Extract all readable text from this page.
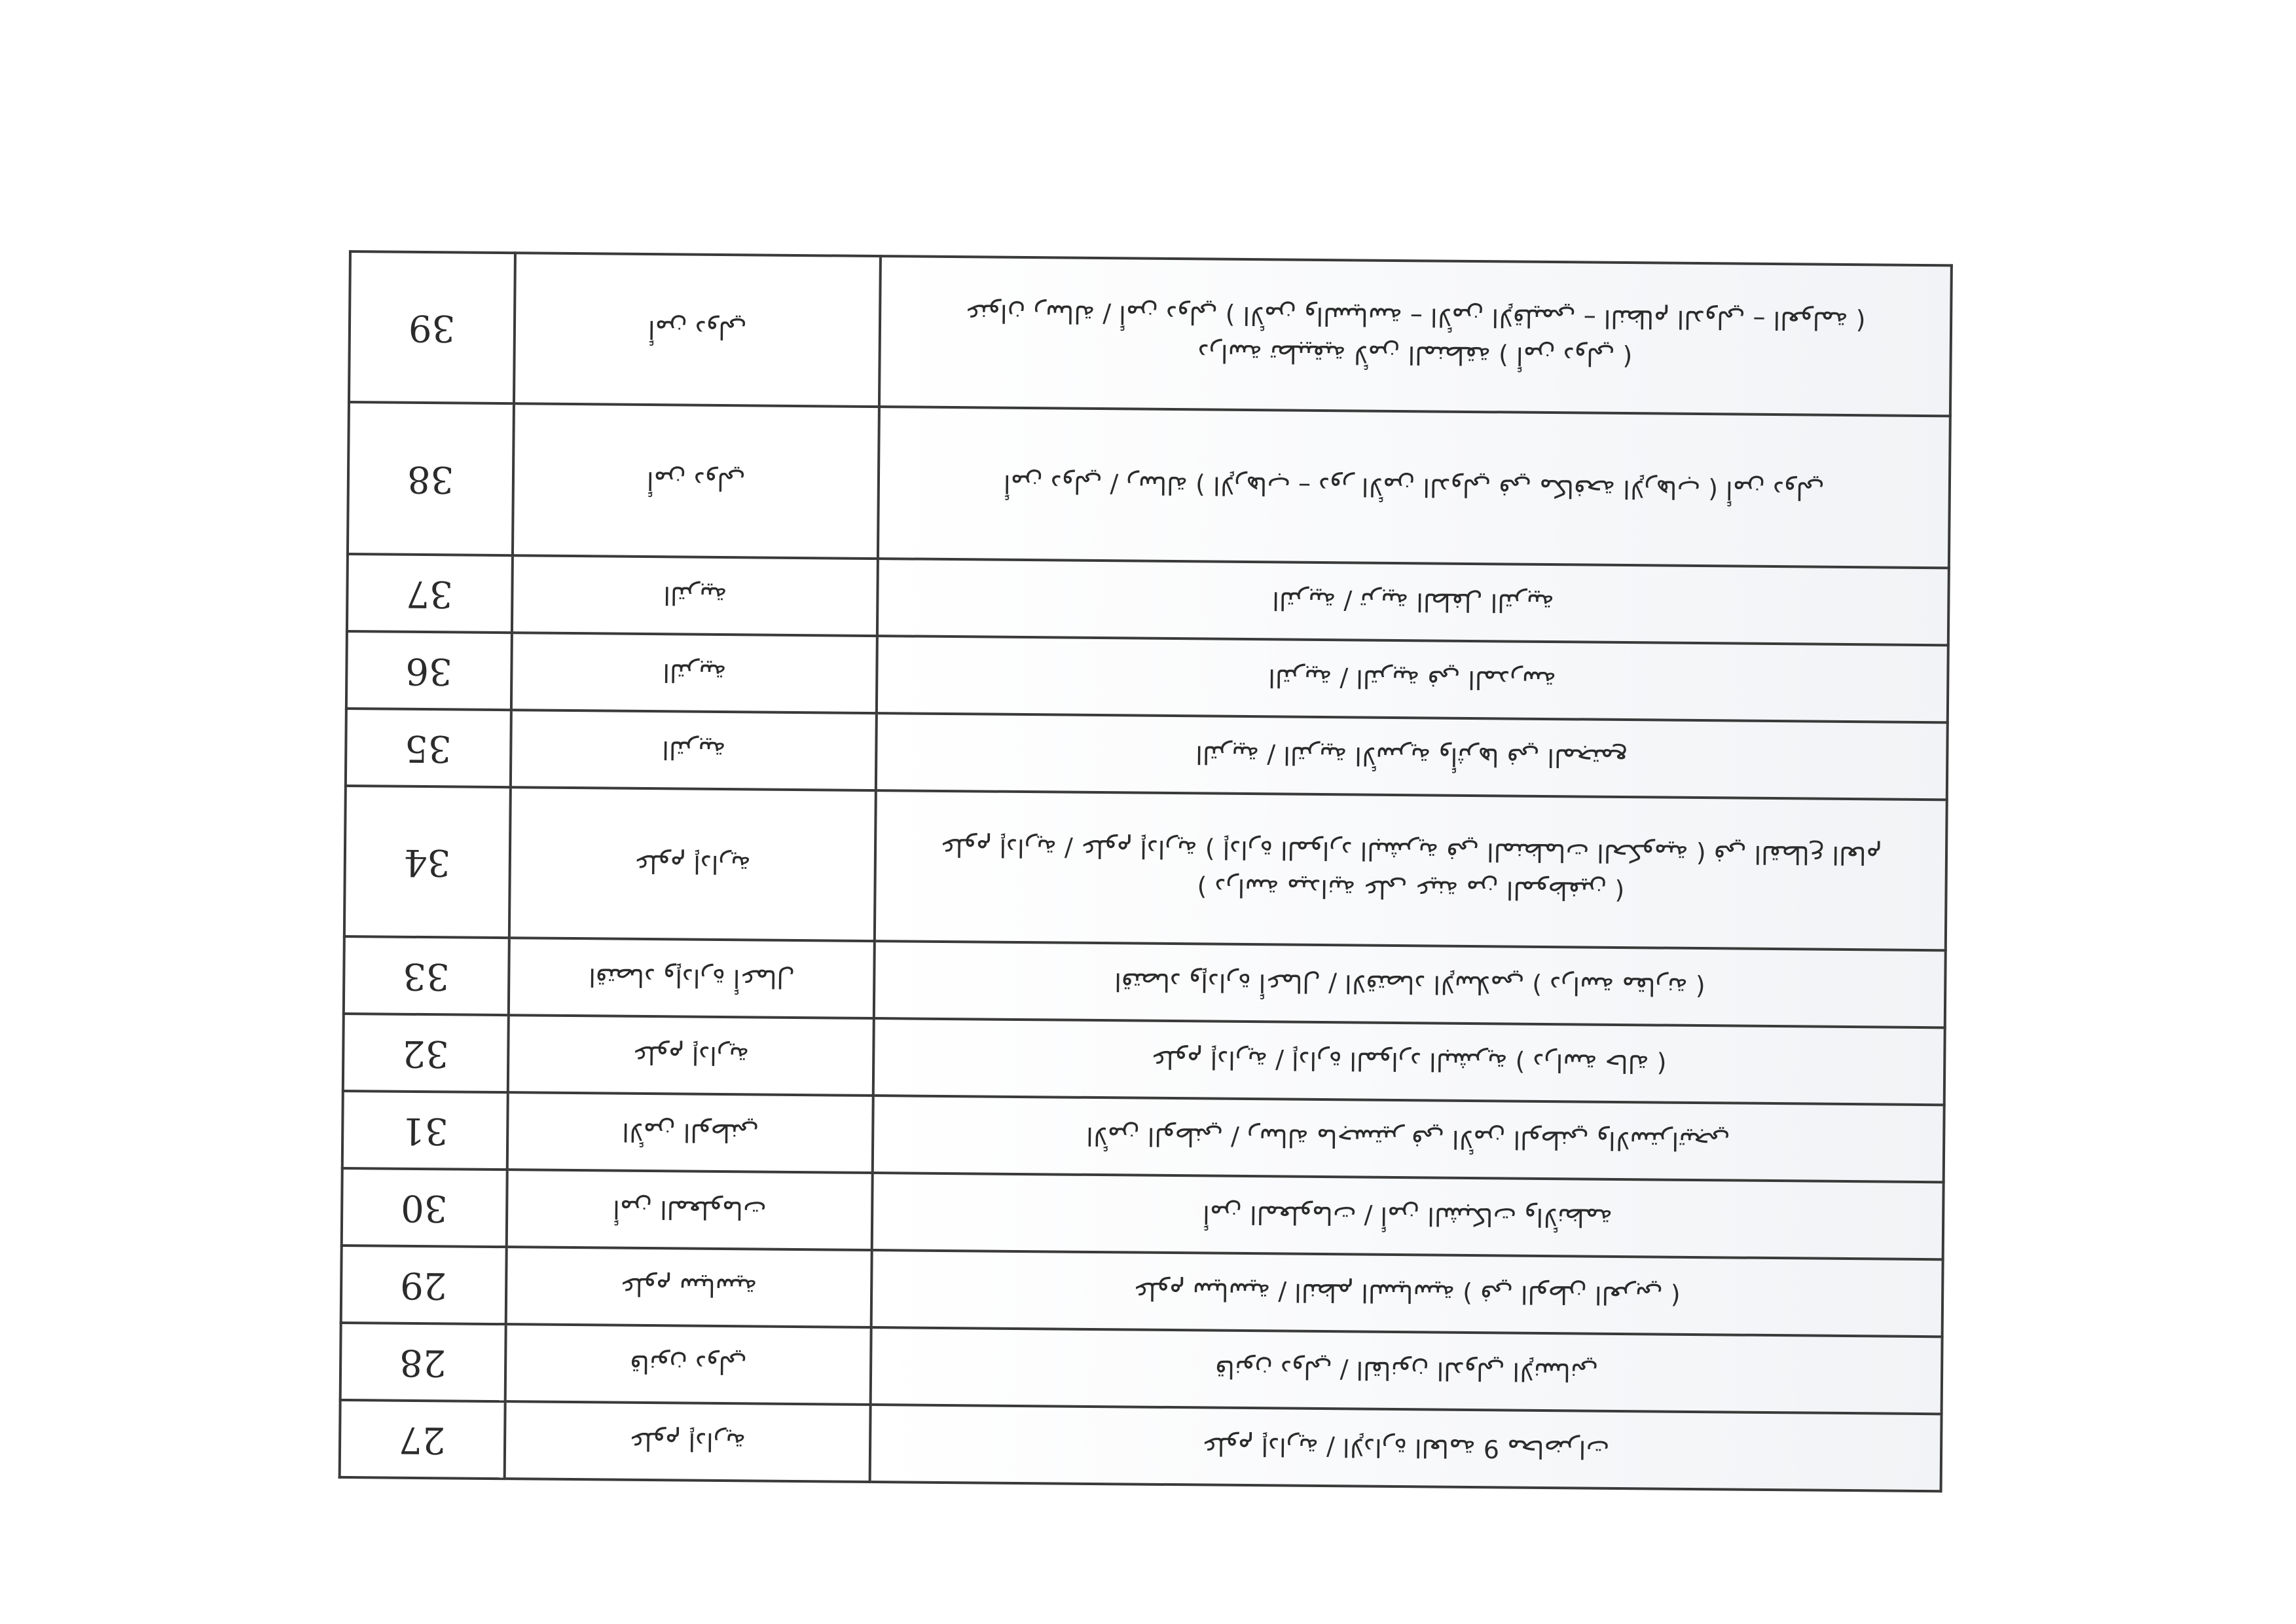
39	أمن دولي	عنوان رسالة / أمن دولي ( الأمن والسياسة – الأمن الإقليمي – النظام الدولي – العولمة )
دراسة تطبيقية لأمن المنطقة ( أمن دولي )

38	أمن دولي	أمن دولي / رسالة ( الإرهاب – دور الأمن الدولي في مكافحة الإرهاب ) أمن دولي

37	التربية	التربية / تربية الطفل التربية

36	التربية	التربية / التربية في المدرسة

35	التربية	التربية / التربية الأسرية وأثرها في المجتمع

34	علوم إدارية	علوم إدارية / علوم إدارية ( إدارة الموارد البشرية في المنظمات الحكومية ) في القطاع العام
( دراسة ميدانية على عينة من الموظفين )

33	اقتصاد وإدارة أعمال	اقتصاد وإدارة أعمال / الاقتصاد الإسلامي ( دراسة مقارنة )

32	علوم إدارية	علوم إدارية / إدارة الموارد البشرية ( دراسة حالة )

31	الأمن الوطني	الأمن الوطني / رسالة ماجستير في الأمن الوطني والاستراتيجي

30	أمن المعلومات	أمن المعلومات / أمن الشبكات والأنظمة

29	علوم سياسية	علوم سياسية / النظم السياسية ( في الوطن العربي )

28	قانون دولي	قانون دولي / القانون الدولي الإنساني

27	علوم إدارية	علوم إدارية / الإدارة العامة 9 محاضرات
